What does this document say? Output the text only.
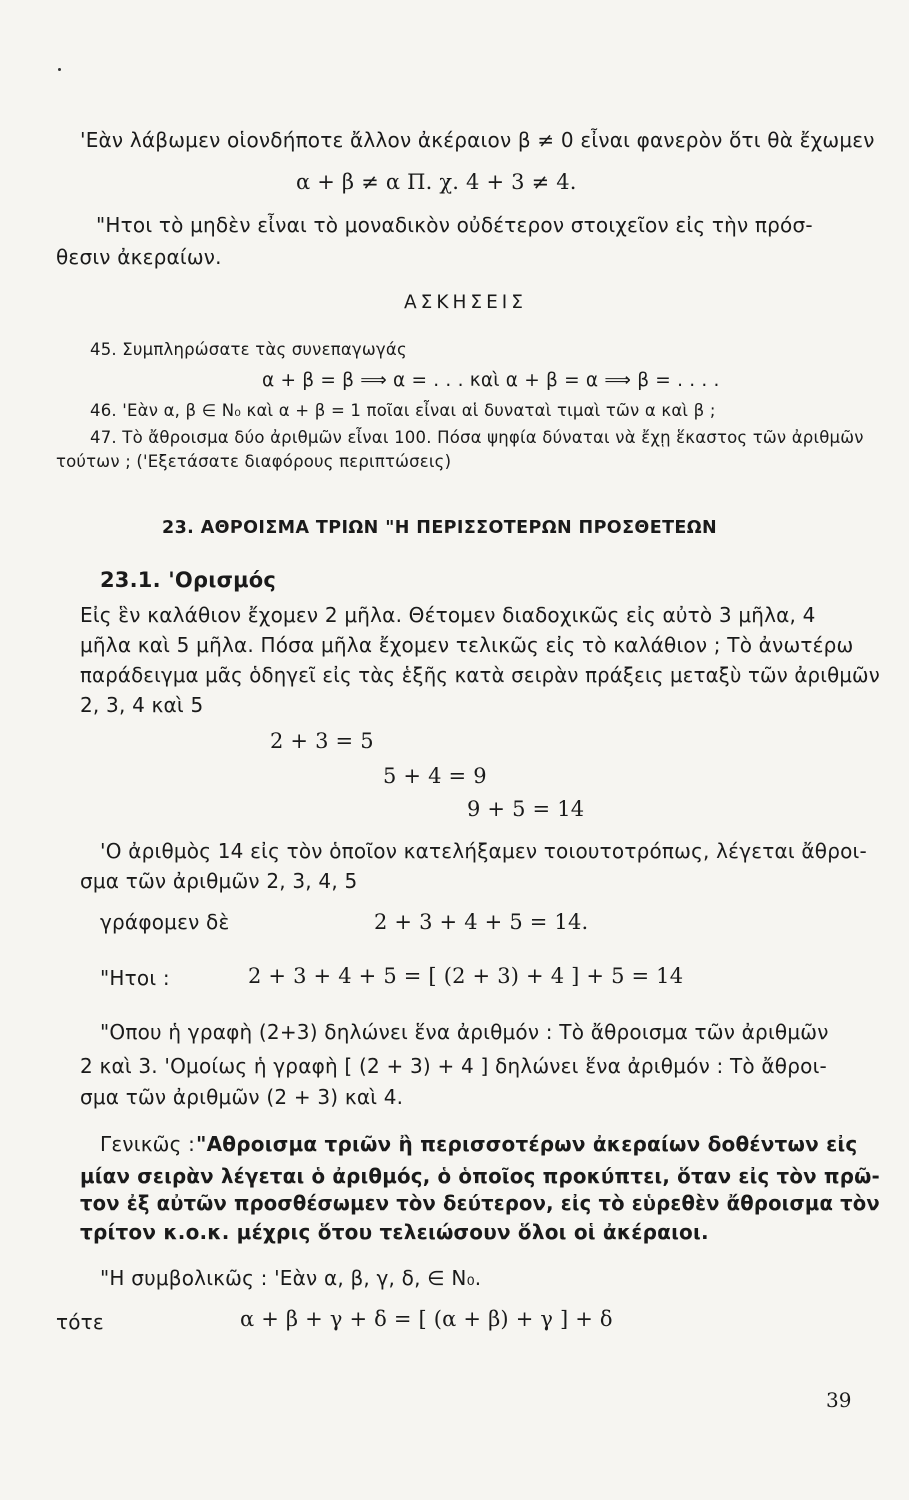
'Εὰν λάβωμεν οἱονδήποτε ἄλλον ἀκέραιον β ≠ 0 εἶναι φανερὸν ὅτι θὰ ἔχωμεν
α + β ≠ α Π. χ. 4 + 3 ≠ 4.
"Ητοι τὸ μηδὲν εἶναι τὸ μοναδικὸν οὐδέτερον στοιχεῖον εἰς τὴν πρόσ-
θεσιν ἀκεραίων.
ΑΣΚΗΣΕΙΣ
45. Συμπληρώσατε τὰς συνεπαγωγάς
α + β = β ⟹ α = . . . καὶ α + β = α ⟹ β = . . . .
46. 'Εὰν α, β ∈ N₀ καὶ α + β = 1 ποῖαι εἶναι αἱ δυναταὶ τιμαὶ τῶν α καὶ β ;
47. Τὸ ἄθροισμα δύο ἀριθμῶν εἶναι 100. Πόσα ψηφία δύναται νὰ ἔχῃ ἕκαστος τῶν ἀριθμῶν
τούτων ; ('Εξετάσατε διαφόρους περιπτώσεις)
23. ΑΘΡΟΙΣΜΑ ΤΡΙΩΝ "Η ΠΕΡΙΣΣΟΤΕΡΩΝ ΠΡΟΣΘΕΤΕΩΝ
23.1. 'Ορισμός
Εἰς ἓν καλάθιον ἔχομεν 2 μῆλα. Θέτομεν διαδοχικῶς εἰς αὐτὸ 3 μῆλα, 4
μῆλα καὶ 5 μῆλα. Πόσα μῆλα ἔχομεν τελικῶς εἰς τὸ καλάθιον ; Τὸ ἀνωτέρω
παράδειγμα μᾶς ὁδηγεῖ εἰς τὰς ἑξῆς κατὰ σειρὰν πράξεις μεταξὺ τῶν ἀριθμῶν
2, 3, 4 καὶ 5
2 + 3 = 5
5 + 4 = 9
9 + 5 = 14
'Ο ἀριθμὸς 14 εἰς τὸν ὁποῖον κατελήξαμεν τοιουτοτρόπως, λέγεται ἄθροι-
σμα τῶν ἀριθμῶν 2, 3, 4, 5
γράφομεν δὲ	2 + 3 + 4 + 5 = 14.
"Ητοι :	2 + 3 + 4 + 5 = [ (2 + 3) + 4 ] + 5 = 14
"Οπου ἡ γραφὴ (2+3) δηλώνει ἕνα ἀριθμόν : Τὸ ἄθροισμα τῶν ἀριθμῶν
2 καὶ 3. 'Ομοίως ἡ γραφὴ [ (2 + 3) + 4 ] δηλώνει ἕνα ἀριθμόν : Τὸ ἄθροι-
σμα τῶν ἀριθμῶν (2 + 3) καὶ 4.
Γενικῶς : "Αθροισμα τριῶν ἢ περισσοτέρων ἀκεραίων δοθέντων εἰς
μίαν σειρὰν λέγεται ὁ ἀριθμός, ὁ ὁποῖος προκύπτει, ὅταν εἰς τὸν πρῶ-
τον ἐξ αὐτῶν προσθέσωμεν τὸν δεύτερον, εἰς τὸ εὑρεθὲν ἄθροισμα τὸν
τρίτον κ.ο.κ. μέχρις ὅτου τελειώσουν ὅλοι οἱ ἀκέραιοι.
"Η συμβολικῶς : 'Εὰν α, β, γ, δ, ∈ N₀.
τότε	α + β + γ + δ = [ (α + β) + γ ] + δ
39
